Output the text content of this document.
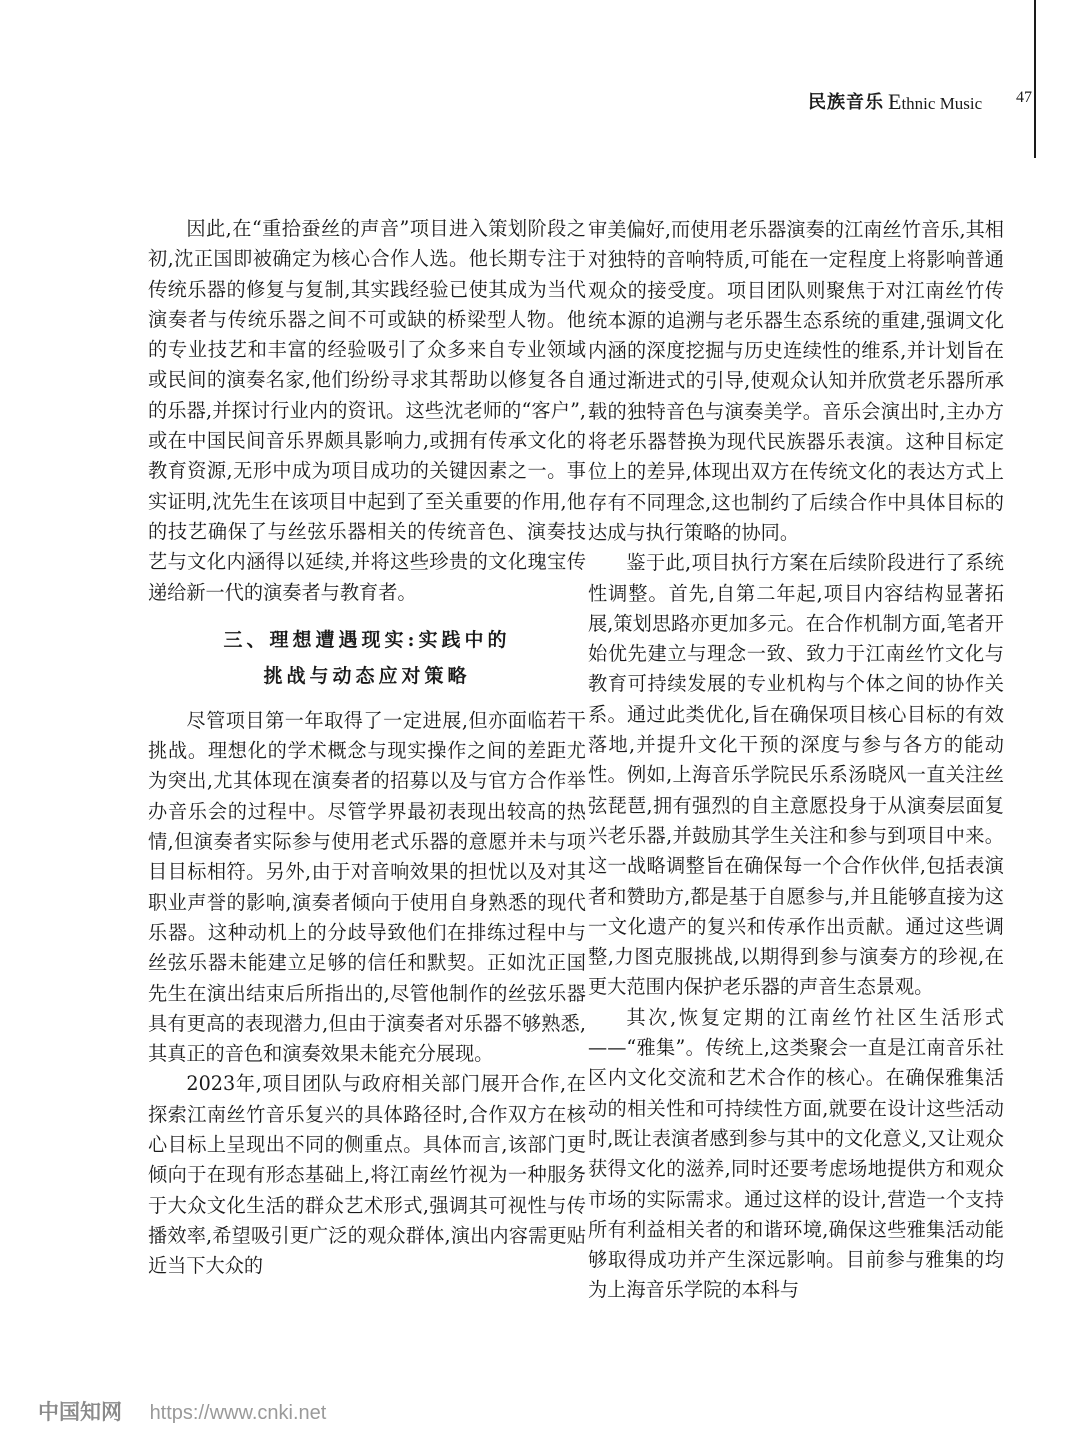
民族音乐 Ethnic Music 47

因此,在“重拾蚕丝的声音”项目进入策划阶段之初,沈正国即被确定为核心合作人选。他长期专注于传统乐器的修复与复制,其实践经验已使其成为当代演奏者与传统乐器之间不可或缺的桥梁型人物。他的专业技艺和丰富的经验吸引了众多来自专业领域或民间的演奏名家,他们纷纷寻求其帮助以修复各自的乐器,并探讨行业内的资讯。这些沈老师的“客户”,或在中国民间音乐界颇具影响力,或拥有传承文化的教育资源,无形中成为项目成功的关键因素之一。事实证明,沈先生在该项目中起到了至关重要的作用,他的技艺确保了与丝弦乐器相关的传统音色、演奏技艺与文化内涵得以延续,并将这些珍贵的文化瑰宝传递给新一代的演奏者与教育者。

三、理想遭遇现实:实践中的
挑战与动态应对策略

尽管项目第一年取得了一定进展,但亦面临若干挑战。理想化的学术概念与现实操作之间的差距尤为突出,尤其体现在演奏者的招募以及与官方合作举办音乐会的过程中。尽管学界最初表现出较高的热情,但演奏者实际参与使用老式乐器的意愿并未与项目目标相符。另外,由于对音响效果的担忧以及对其职业声誉的影响,演奏者倾向于使用自身熟悉的现代乐器。这种动机上的分歧导致他们在排练过程中与丝弦乐器未能建立足够的信任和默契。正如沈正国先生在演出结束后所指出的,尽管他制作的丝弦乐器具有更高的表现潜力,但由于演奏者对乐器不够熟悉,其真正的音色和演奏效果未能充分展现。

2023年,项目团队与政府相关部门展开合作,在探索江南丝竹音乐复兴的具体路径时,合作双方在核心目标上呈现出不同的侧重点。具体而言,该部门更倾向于在现有形态基础上,将江南丝竹视为一种服务于大众文化生活的群众艺术形式,强调其可视性与传播效率,希望吸引更广泛的观众群体,演出内容需更贴近当下大众的

审美偏好,而使用老乐器演奏的江南丝竹音乐,其相对独特的音响特质,可能在一定程度上将影响普通观众的接受度。项目团队则聚焦于对江南丝竹传统本源的追溯与老乐器生态系统的重建,强调文化内涵的深度挖掘与历史连续性的维系,并计划旨在通过渐进式的引导,使观众认知并欣赏老乐器所承载的独特音色与演奏美学。音乐会演出时,主办方将老乐器替换为现代民族器乐表演。这种目标定位上的差异,体现出双方在传统文化的表达方式上存有不同理念,这也制约了后续合作中具体目标的达成与执行策略的协同。

鉴于此,项目执行方案在后续阶段进行了系统性调整。首先,自第二年起,项目内容结构显著拓展,策划思路亦更加多元。在合作机制方面,笔者开始优先建立与理念一致、致力于江南丝竹文化与教育可持续发展的专业机构与个体之间的协作关系。通过此类优化,旨在确保项目核心目标的有效落地,并提升文化干预的深度与参与各方的能动性。例如,上海音乐学院民乐系汤晓风一直关注丝弦琵琶,拥有强烈的自主意愿投身于从演奏层面复兴老乐器,并鼓励其学生关注和参与到项目中来。这一战略调整旨在确保每一个合作伙伴,包括表演者和赞助方,都是基于自愿参与,并且能够直接为这一文化遗产的复兴和传承作出贡献。通过这些调整,力图克服挑战,以期得到参与演奏方的珍视,在更大范围内保护老乐器的声音生态景观。

其次,恢复定期的江南丝竹社区生活形式——“雅集”。传统上,这类聚会一直是江南音乐社区内文化交流和艺术合作的核心。在确保雅集活动的相关性和可持续性方面,就要在设计这些活动时,既让表演者感到参与其中的文化意义,又让观众获得文化的滋养,同时还要考虑场地提供方和观众市场的实际需求。通过这样的设计,营造一个支持所有利益相关者的和谐环境,确保这些雅集活动能够取得成功并产生深远影响。目前参与雅集的均为上海音乐学院的本科与

中国知网 https://www.cnki.net
